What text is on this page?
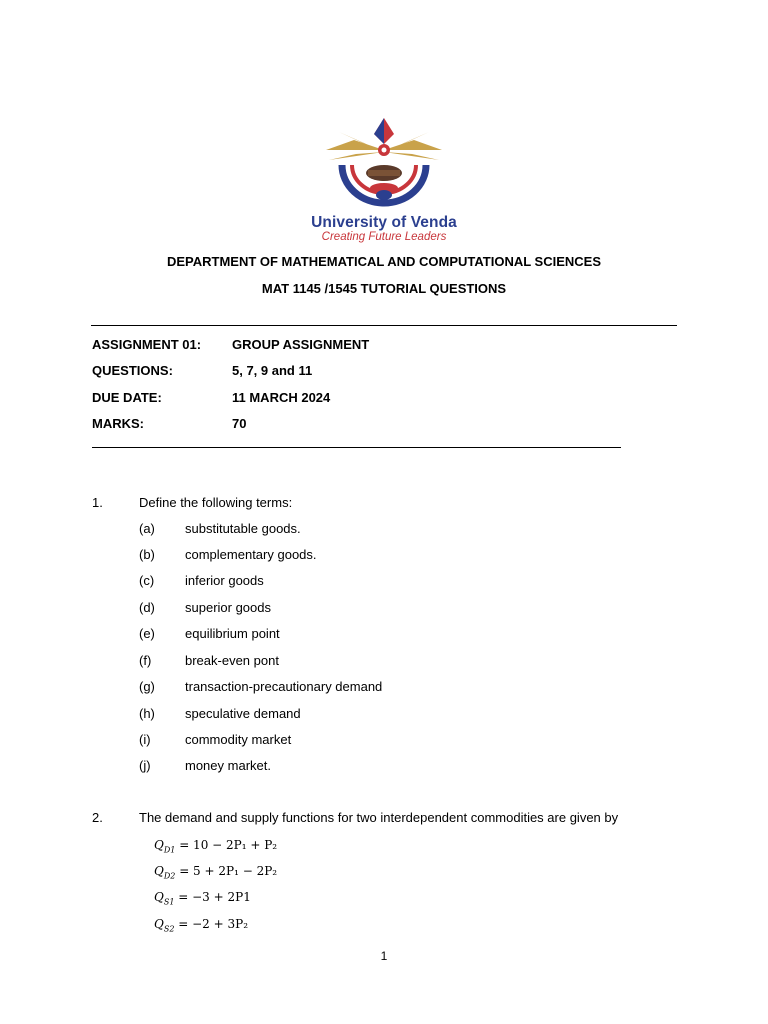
University of Venda
Creating Future Leaders
DEPARTMENT OF MATHEMATICAL AND COMPUTATIONAL SCIENCES
MAT 1145 /1545 TUTORIAL QUESTIONS
ASSIGNMENT 01: GROUP ASSIGNMENT
QUESTIONS:	5, 7, 9 and 11
DUE DATE:	11 MARCH 2024
MARKS:	70
1.	Define the following terms:
(a) substitutable goods.
(b) complementary goods.
(c) inferior goods
(d) superior goods
(e) equilibrium point
(f)	break-even pont
(g) transaction-precautionary demand
(h) speculative demand
(i)	commodity market
(j)	money market.
2.	The demand and supply functions for two interdependent commodities are given by
$Q_{D1} = 10 - 2P_1 + P_2$
$Q_{D2} = 5 + 2P_1 - 2P_2$
$Q_{S1} = -3 + 2P1$
$Q_{S2} = -2 + 3P_2$
1
